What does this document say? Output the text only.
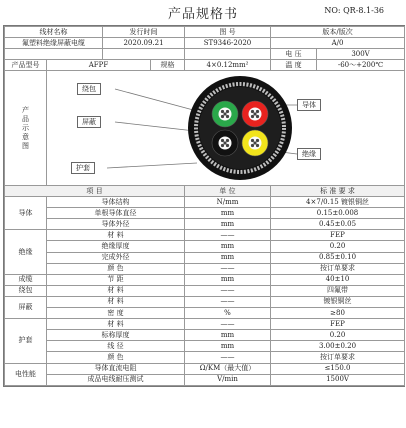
产品规格书	NO: QR-8.1-36
线材名称		发行时间		图 号	版本/版次	
氟塑料绝缘屏蔽电缆		2020.09.21		ST9346-2020	A/0	
					电 压	300V
产品型号	AFPF		规格	4×0.12mm²	温 度	-60～+200℃

产品示意图	绕包
屏蔽
护套
导体
绝缘					

项 目				单 位	标 准 要 求	
导体	导体结构			N/mm	4×7/0.15 镀银铜丝	
	单根导体直径			mm	0.15±0.008	
	导体外径			mm	0.45±0.05	
绝缘	材 料			——	FEP	
	绝缘厚度			mm	0.20	
	完成外径			mm	0.85±0.10	
	颜 色			——	按订单要求	
成缆	节 距			mm	40±10	
绕包	材 料			——	四氟带	
屏蔽	材 料			——	镀银铜丝	
	密 度			%	≥80	
护套	材 料			——	FEP	
	标称厚度			mm	0.20	
	线 径			mm	3.00±0.20	
	颜 色			——	按订单要求	
电性能	导体直流电阻			Ω/KM（最大值）	≤150.0	
	成品电线耐压测试			V/min	1500V	
